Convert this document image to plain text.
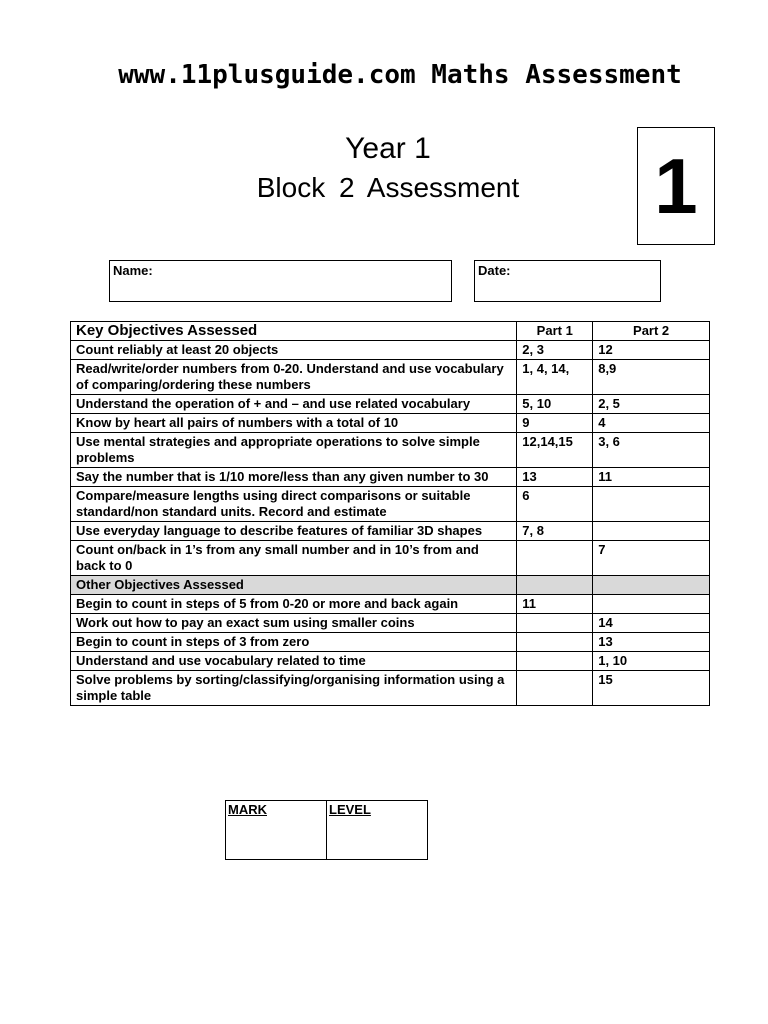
www.11plusguide.com Maths Assessment
Year 1
Block 2 Assessment 1
Name:	Date:
Key Objectives Assessed	Part 1	Part 2
Count reliably at least 20 objects	2, 3	12
Read/write/order numbers from 0-20. Understand and use vocabulary of comparing/ordering these numbers	1, 4, 14,	8,9
Understand the operation of + and – and use related vocabulary	5, 10	2, 5
Know by heart all pairs of numbers with a total of 10	9	4
Use mental strategies and appropriate operations to solve simple problems	12,14,15	3, 6
Say the number that is 1/10 more/less than any given number to 30	13	11
Compare/measure lengths using direct comparisons or suitable standard/non standard units. Record and estimate	6	
Use everyday language to describe features of familiar 3D shapes	7, 8	
Count on/back in 1’s from any small number and in 10’s from and back to 0		7
Other Objectives Assessed		
Begin to count in steps of 5 from 0-20 or more and back again	11	
Work out how to pay an exact sum using smaller coins		14
Begin to count in steps of 3 from zero		13
Understand and use vocabulary related to time		1, 10
Solve problems by sorting/classifying/organising information using a simple table		15
MARK	LEVEL
